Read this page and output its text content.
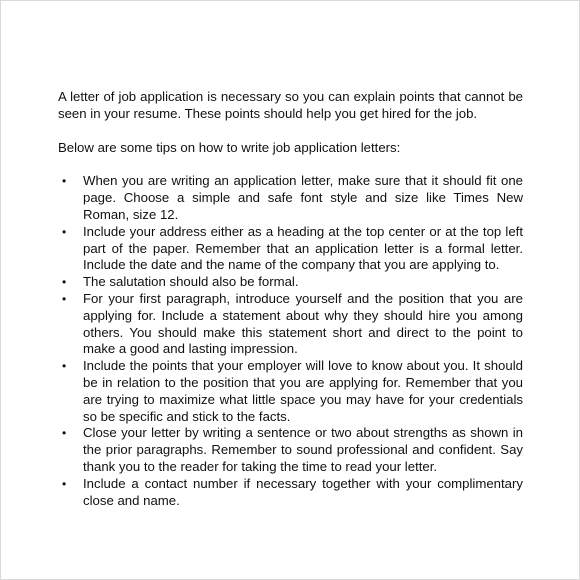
A letter of job application is necessary so you can explain points that cannot be seen in your resume. These points should help you get hired for the job.

Below are some tips on how to write job application letters:

• When you are writing an application letter, make sure that it should fit one page. Choose a simple and safe font style and size like Times New Roman, size 12.
• Include your address either as a heading at the top center or at the top left part of the paper. Remember that an application letter is a formal letter. Include the date and the name of the company that you are applying to.
• The salutation should also be formal.
• For your first paragraph, introduce yourself and the position that you are applying for. Include a statement about why they should hire you among others. You should make this statement short and direct to the point to make a good and lasting impression.
• Include the points that your employer will love to know about you. It should be in relation to the position that you are applying for. Remember that you are trying to maximize what little space you may have for your credentials so be specific and stick to the facts.
• Close your letter by writing a sentence or two about strengths as shown in the prior paragraphs. Remember to sound professional and confident. Say thank you to the reader for taking the time to read your letter.
• Include a contact number if necessary together with your complimentary close and name.
